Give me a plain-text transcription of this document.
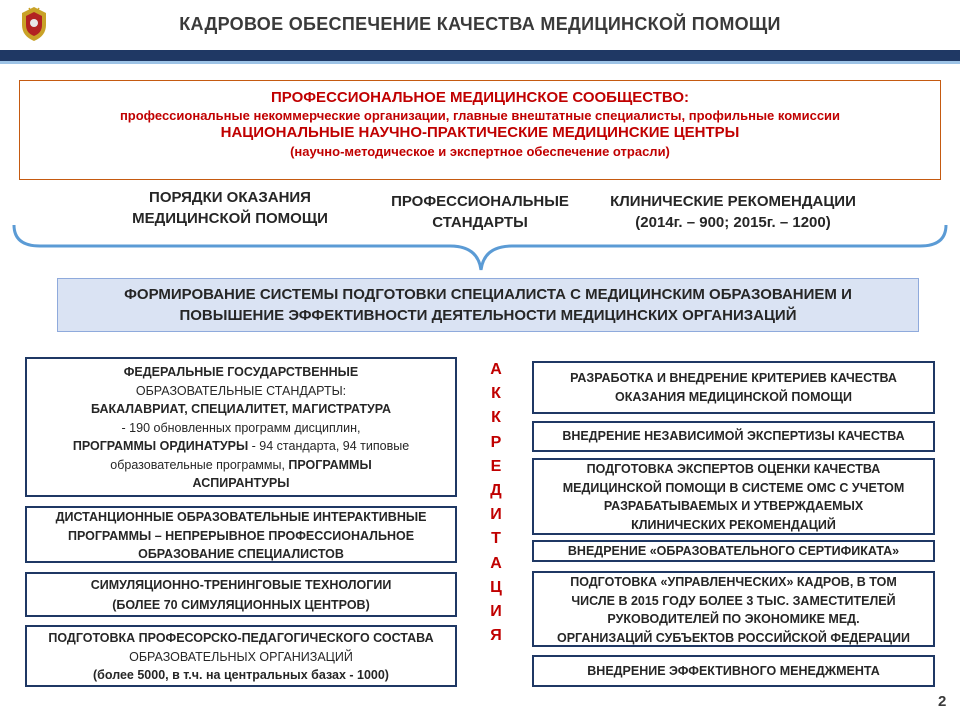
КАДРОВОЕ ОБЕСПЕЧЕНИЕ КАЧЕСТВА МЕДИЦИНСКОЙ ПОМОЩИ
ПРОФЕССИОНАЛЬНОЕ МЕДИЦИНСКОЕ СООБЩЕСТВО:
профессиональные некоммерческие организации, главные внештатные специалисты, профильные комиссии
НАЦИОНАЛЬНЫЕ НАУЧНО-ПРАКТИЧЕСКИЕ МЕДИЦИНСКИЕ ЦЕНТРЫ
(научно-методическое и экспертное обеспечение отрасли)
ПОРЯДКИ ОКАЗАНИЯ
МЕДИЦИНСКОЙ ПОМОЩИ
ПРОФЕССИОНАЛЬНЫЕ
СТАНДАРТЫ
КЛИНИЧЕСКИЕ РЕКОМЕНДАЦИИ
(2014г. – 900; 2015г. – 1200)
ФОРМИРОВАНИЕ СИСТЕМЫ ПОДГОТОВКИ СПЕЦИАЛИСТА С МЕДИЦИНСКИМ ОБРАЗОВАНИЕМ И
ПОВЫШЕНИЕ ЭФФЕКТИВНОСТИ ДЕЯТЕЛЬНОСТИ МЕДИЦИНСКИХ ОРГАНИЗАЦИЙ
ФЕДЕРАЛЬНЫЕ ГОСУДАРСТВЕННЫЕ
ОБРАЗОВАТЕЛЬНЫЕ СТАНДАРТЫ:
БАКАЛАВРИАТ, СПЕЦИАЛИТЕТ, МАГИСТРАТУРА
- 190 обновленных программ дисциплин,
ПРОГРАММЫ ОРДИНАТУРЫ - 94 стандарта, 94 типовые
образовательные программы, ПРОГРАММЫ
АСПИРАНТУРЫ
ДИСТАНЦИОННЫЕ ОБРАЗОВАТЕЛЬНЫЕ ИНТЕРАКТИВНЫЕ
ПРОГРАММЫ – НЕПРЕРЫВНОЕ ПРОФЕССИОНАЛЬНОЕ
ОБРАЗОВАНИЕ СПЕЦИАЛИСТОВ
СИМУЛЯЦИОННО-ТРЕНИНГОВЫЕ ТЕХНОЛОГИИ
(БОЛЕЕ 70 СИМУЛЯЦИОННЫХ ЦЕНТРОВ)
ПОДГОТОВКА ПРОФЕСОРСКО-ПЕДАГОГИЧЕСКОГО СОСТАВА
ОБРАЗОВАТЕЛЬНЫХ ОРГАНИЗАЦИЙ
(более 5000, в т.ч. на центральных базах - 1000)
А
К
К
Р
Е
Д
И
Т
А
Ц
И
Я
РАЗРАБОТКА И ВНЕДРЕНИЕ КРИТЕРИЕВ КАЧЕСТВА
ОКАЗАНИЯ МЕДИЦИНСКОЙ ПОМОЩИ
ВНЕДРЕНИЕ НЕЗАВИСИМОЙ ЭКСПЕРТИЗЫ КАЧЕСТВА
ПОДГОТОВКА ЭКСПЕРТОВ ОЦЕНКИ КАЧЕСТВА
МЕДИЦИНСКОЙ ПОМОЩИ В СИСТЕМЕ ОМС С УЧЕТОМ
РАЗРАБАТЫВАЕМЫХ И УТВЕРЖДАЕМЫХ
КЛИНИЧЕСКИХ РЕКОМЕНДАЦИЙ
ВНЕДРЕНИЕ «ОБРАЗОВАТЕЛЬНОГО СЕРТИФИКАТА»
ПОДГОТОВКА «УПРАВЛЕНЧЕСКИХ» КАДРОВ, В ТОМ
ЧИСЛЕ В 2015 ГОДУ БОЛЕЕ 3 ТЫС. ЗАМЕСТИТЕЛЕЙ
РУКОВОДИТЕЛЕЙ ПО ЭКОНОМИКЕ МЕД.
ОРГАНИЗАЦИЙ СУБЪЕКТОВ РОССИЙСКОЙ ФЕДЕРАЦИИ
ВНЕДРЕНИЕ ЭФФЕКТИВНОГО МЕНЕДЖМЕНТА
2
